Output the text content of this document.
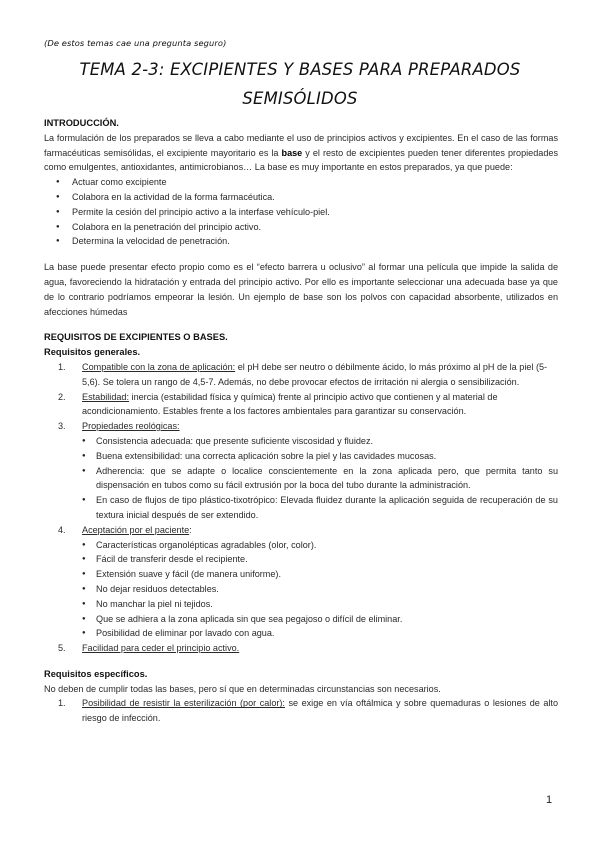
(De estos temas cae una pregunta seguro)
TEMA 2-3: EXCIPIENTES Y BASES PARA PREPARADOS
SEMISÓLIDOS
INTRODUCCIÓN.

La formulación de los preparados se lleva a cabo mediante el uso de principios activos y excipientes. En el caso de las formas farmacéuticas semisólidas, el excipiente mayoritario es la base y el resto de excipientes pueden tener diferentes propiedades como emulgentes, antioxidantes, antimicrobianos… La base es muy importante en estos preparados, ya que puede:

● Actuar como excipiente
● Colabora en la actividad de la forma farmacéutica.
● Permite la cesión del principio activo a la interfase vehículo-piel.
● Colabora en la penetración del principio activo.
● Determina la velocidad de penetración.

La base puede presentar efecto propio como es el “efecto barrera u oclusivo” al formar una película que impide la salida de agua, favoreciendo la hidratación y entrada del principio activo. Por ello es importante seleccionar una adecuada base ya que de lo contrario podríamos empeorar la lesión. Un ejemplo de base son los polvos con capacidad absorbente, utilizados en afecciones húmedas

REQUISITOS DE EXCIPIENTES O BASES.
Requisitos generales.
1. Compatible con la zona de aplicación: el pH debe ser neutro o débilmente ácido, lo más próximo al pH de la piel (5-5,6). Se tolera un rango de 4,5-7. Además, no debe provocar efectos de irritación ni alergia o sensibilización.
2. Estabilidad: inercia (estabilidad física y química) frente al principio activo que contienen y al material de acondicionamiento. Estables frente a los factores ambientales para garantizar su conservación.
3. Propiedades reológicas:
● Consistencia adecuada: que presente suficiente viscosidad y fluidez.
● Buena extensibilidad: una correcta aplicación sobre la piel y las cavidades mucosas.
● Adherencia: que se adapte o localice conscientemente en la zona aplicada pero, que permita tanto su dispensación en tubos como su fácil extrusión por la boca del tubo durante la administración.
● En caso de flujos de tipo plástico-tixotrópico: Elevada fluidez durante la aplicación seguida de recuperación de su textura inicial después de ser extendido.
4. Aceptación por el paciente:
● Características organolépticas agradables (olor, color).
● Fácil de transferir desde el recipiente.
● Extensión suave y fácil (de manera uniforme).
● No dejar residuos detectables.
● No manchar la piel ni tejidos.
● Que se adhiera a la zona aplicada sin que sea pegajoso o difícil de eliminar.
● Posibilidad de eliminar por lavado con agua.
5. Facilidad para ceder el principio activo.
Requisitos específicos.

No deben de cumplir todas las bases, pero sí que en determinadas circunstancias son necesarios.

1. Posibilidad de resistir la esterilización (por calor): se exige en vía oftálmica y sobre quemaduras o lesiones de alto riesgo de infección.
1
